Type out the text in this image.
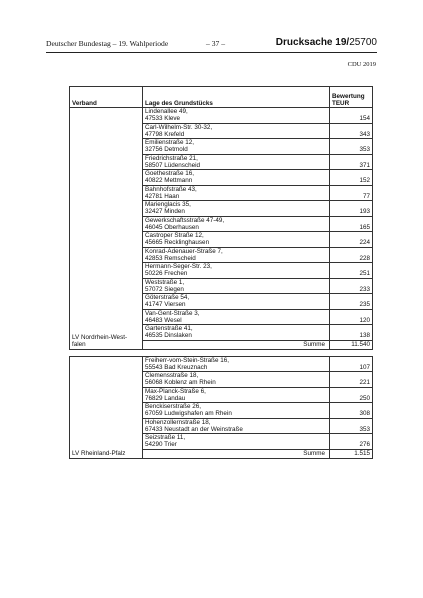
Deutscher Bundestag – 19. Wahlperiode	– 37 –	Drucksache 19/25700
CDU 2019
Verband	Lage des Grundstücks	Bewertung TEUR
LV Nordrhein-West-
falen	Lindenallee 49,
47533 Kleve	154

	Carl-Wilhelm-Str. 30-32,
47798 Krefeld	343

	Emilienstraße 12,
32756 Detmold	353

	Friedrichstraße 21,
58507 Lüdenscheid	371

	Goethestraße 16,
40822 Mettmann	152

	Bahnhofstraße 43,
42781 Haan	77

	Marienglacis 35,
32427 Minden	193

	Gewerkschaftsstraße 47-49,
46045 Oberhausen	165

	Castroper Straße 12,
45665 Recklinghausen	224

	Konrad-Adenauer-Straße 7,
42853 Remscheid	228

	Hermann-Seger-Str. 23,
50226 Frechen	251

	Weststraße 1,
57072 Siegen	233

	Göterstraße 54,
41747 Viersen	235

	Van-Gent-Straße 3,
46483 Wesel	120

	Gartenstraße 41,
46535 Dinslaken	138
	Summe	11.540

LV Rheinland-Pfalz	Freiherr-vom-Stein-Straße 16,
55543 Bad Kreuznach	107

	Clemensstraße 18,
56068 Koblenz am Rhein	221

	Max-Planck-Straße 6,
76829 Landau	250

	Benckiserstraße 26,
67059 Ludwigshafen am Rhein	308

	Hohenzollernstraße 18,
67433 Neustadt an der Weinstraße	353

	Seizstraße 11,
54290 Trier	276
	Summe	1.515
